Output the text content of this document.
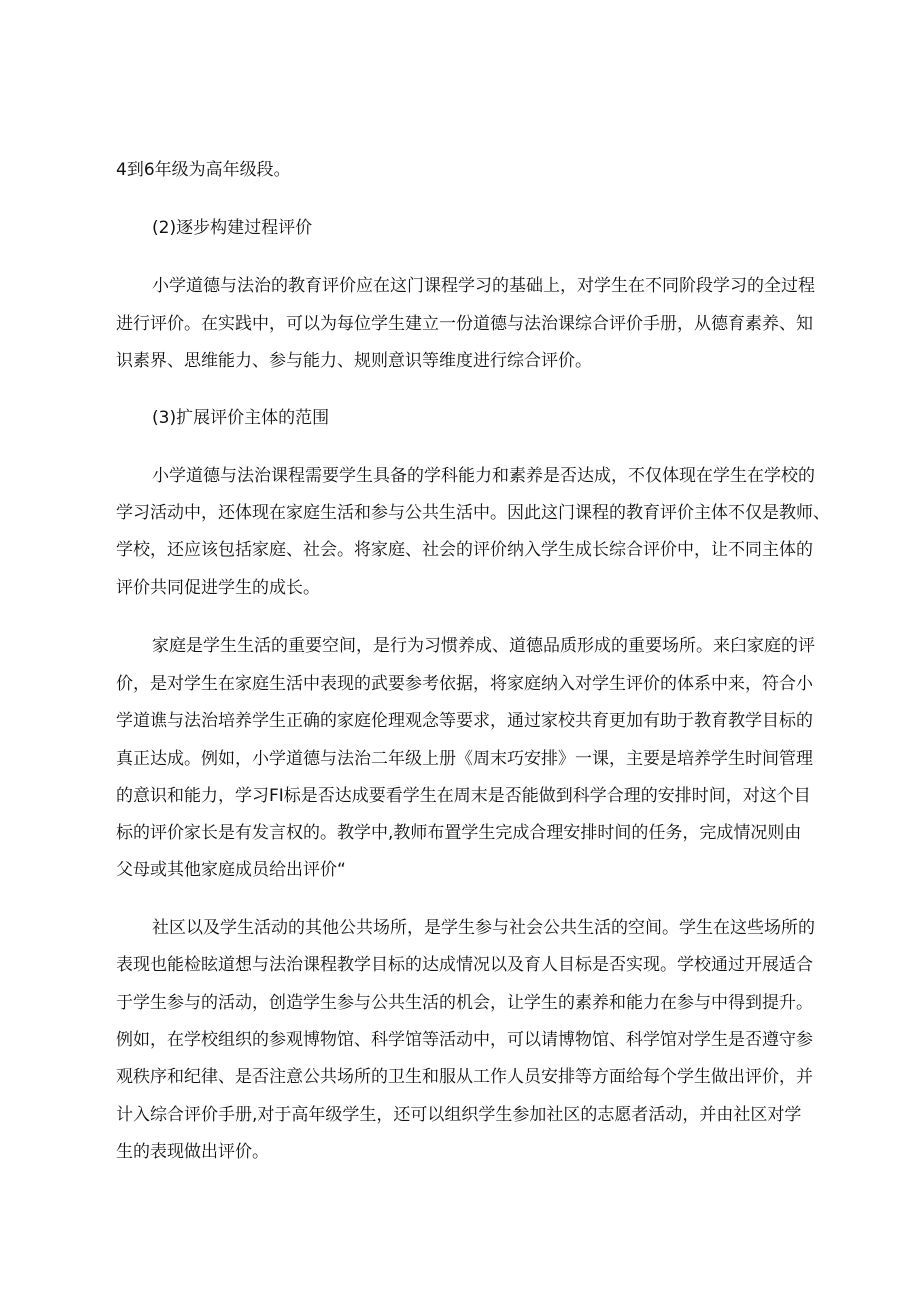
4到6年级为高年级段。

(2)逐步构建过程评价

小学道德与法治的教育评价应在这门课程学习的基础上，对学生在不同阶段学习的全过程

进行评价。在实践中，可以为每位学生建立一份道德与法治课综合评价手册，从德育素养、知

识素界、思维能力、参与能力、规则意识等维度进行综合评价。

(3)扩展评价主体的范围

小学道德与法治课程需要学生具备的学科能力和素养是否达成，不仅体现在学生在学校的

学习活动中，还体现在家庭生活和参与公共生活中。因此这门课程的教育评价主体不仅是教师、

学校，还应该包括家庭、社会。将家庭、社会的评价纳入学生成长综合评价中，让不同主体的

评价共同促进学生的成长。

家庭是学生生活的重要空间，是行为习惯养成、道德品质形成的重要场所。来臼家庭的评

价，是对学生在家庭生活中表现的武要参考依据，将家庭纳入对学生评价的体系中来，符合小

学道谯与法治培养学生正确的家庭伦理观念等要求，通过家校共育更加有助于教育教学目标的

真正达成。例如，小学道德与法治二年级上册《周末巧安排》一课，主要是培养学生时间管理

的意识和能力，学习FI标是否达成要看学生在周末是否能做到科学合理的安排时间，对这个目

标的评价家长是有发言权的。教学中,教师布置学生完成合理安排时间的任务，完成情况则由

父母或其他家庭成员给出评价“

社区以及学生活动的其他公共场所，是学生参与社会公共生活的空间。学生在这些场所的

表现也能检眩道想与法治课程教学目标的达成情况以及育人目标是否实现。学校通过开展适合

于学生参与的活动，创造学生参与公共生活的机会，让学生的素养和能力在参与中得到提升。

例如，在学校组织的参观博物馆、科学馆等活动中，可以请博物馆、科学馆对学生是否遵守参

观秩序和纪律、是否注意公共场所的卫生和服从工作人员安排等方面给每个学生做出评价，并

计入综合评价手册,对于高年级学生，还可以组织学生参加社区的志愿者活动，并由社区对学

生的表现做出评价。
